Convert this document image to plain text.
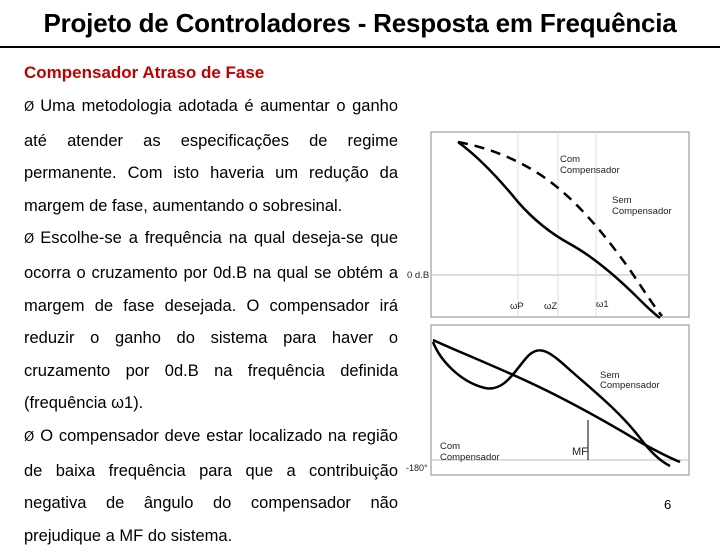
Projeto de Controladores - Resposta em Frequência
Compensador Atraso de Fase

Ø Uma metodologia adotada é aumentar o ganho até atender as especificações de regime permanente. Com isto haveria um redução da margem de fase, aumentando o sobresinal.

Ø Escolhe-se a frequência na qual deseja-se que ocorra o cruzamento por 0d.B na qual se obtém a margem de fase desejada. O compensador irá reduzir o ganho do sistema para haver o cruzamento por 0d.B na frequência definida (frequência ω1).

Ø O compensador deve estar localizado na região de baixa frequência para que a contribuição negativa de ângulo do compensador não prejudique a MF do sistema.

Com
Compensador
Sem
Compensador
0 d.B
ωP ωZ	ω1
Sem
Compensador
Com
Compensador	MF
-180°
6
